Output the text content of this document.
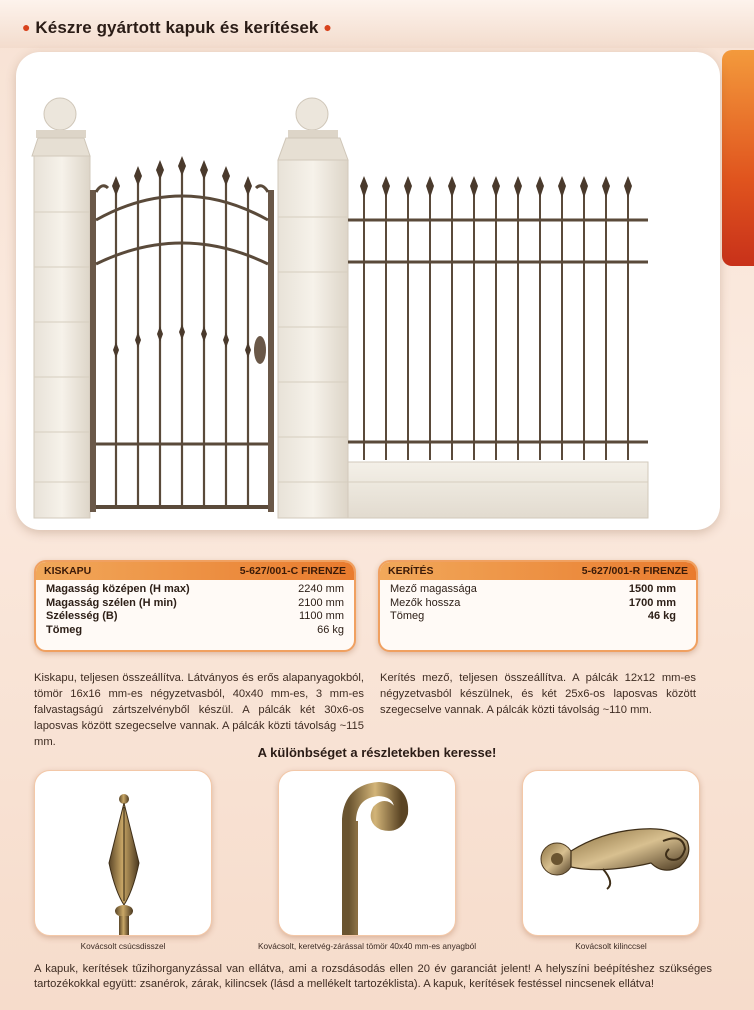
● Készre gyártott kapuk és kerítések ●
KISKAPU	5-627/001-C FIRENZE
Magasság középen (H max)	2240 mm
Magasság szélen (H min)	2100 mm
Szélesség (B)	1100 mm
Tömeg	66 kg
KERÍTÉS	5-627/001-R FIRENZE
Mező magassága	1500 mm
Mezők hossza	1700 mm
Tömeg	46 kg

Kiskapu, teljesen összeállítva. Látványos és erős alapanyagokból, tömör 16x16 mm-es négyzetvasból, 40x40 mm-es, 3 mm-es falvastagságú zártszelvényből készül. A pálcák két 30x6-os laposvas között szegecselve vannak. A pálcák közti távolság ~115 mm.

Kerítés mező, teljesen összeállítva. A pálcák 12x12 mm-es négyzetvasból készülnek, és két 25x6-os laposvas között szegecselve vannak. A pálcák közti távolság ~110 mm.

A különbséget a részletekben keresse!
Kovácsolt csúcsdisszel	Kovácsolt, keretvég-zárással tömör 40x40 mm-es anyagból	Kovácsolt kilinccsel

A kapuk, kerítések tűzihorganyzással van ellátva, ami a rozsdásodás ellen 20 év garanciát jelent! A helyszíni beépítéshez szükséges tartozékokkal együtt: zsanérok, zárak, kilincsek (lásd a mellékelt tartozéklista). A kapuk, kerítések festéssel nincsenek ellátva!
